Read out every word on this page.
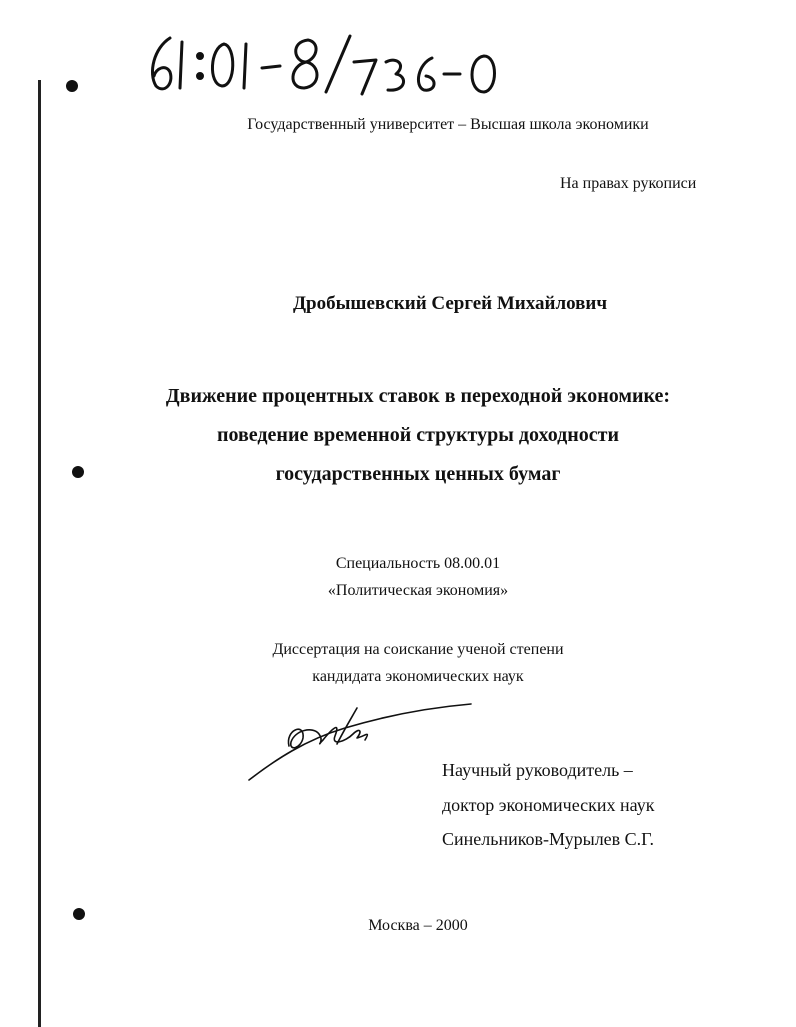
Государственный университет – Высшая школа экономики
На правах рукописи
Дробышевский Сергей Михайлович
Движение процентных ставок в переходной экономике:
поведение временной структуры доходности
государственных ценных бумаг
Специальность 08.00.01
«Политическая экономия»
Диссертация на соискание ученой степени
кандидата экономических наук
Научный руководитель –
доктор экономических наук
Синельников-Мурылев С.Г.
Москва – 2000
